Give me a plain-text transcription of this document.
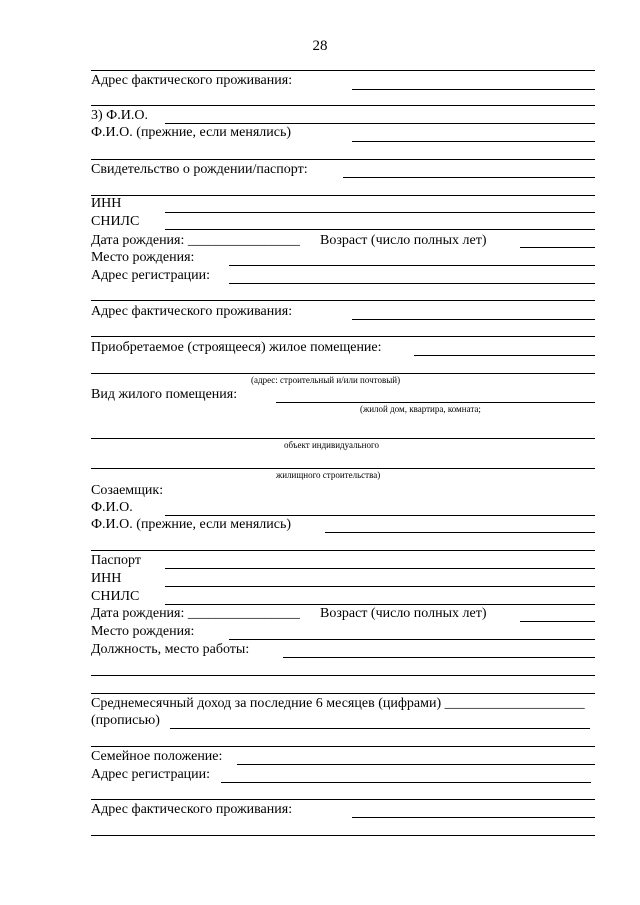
28
Адрес фактического проживания:
3) Ф.И.О.
Ф.И.О. (прежние, если менялись)
Свидетельство о рождении/паспорт:
ИНН
СНИЛС
Дата рождения: ________________ Возраст (число полных лет)
Место рождения:
Адрес регистрации:
Адрес фактического проживания:
Приобретаемое (строящееся) жилое помещение:
(адрес: строительный и/или почтовый)
Вид жилого помещения:
(жилой дом, квартира, комната;
объект индивидуального
жилищного строительства)
Созаемщик:
Ф.И.О.
Ф.И.О. (прежние, если менялись)
Паспорт
ИНН
СНИЛС
Дата рождения: ________________ Возраст (число полных лет)
Место рождения:
Должность, место работы:
Среднемесячный доход за последние 6 месяцев (цифрами) ____________________
(прописью)
Семейное положение:
Адрес регистрации:
Адрес фактического проживания:
